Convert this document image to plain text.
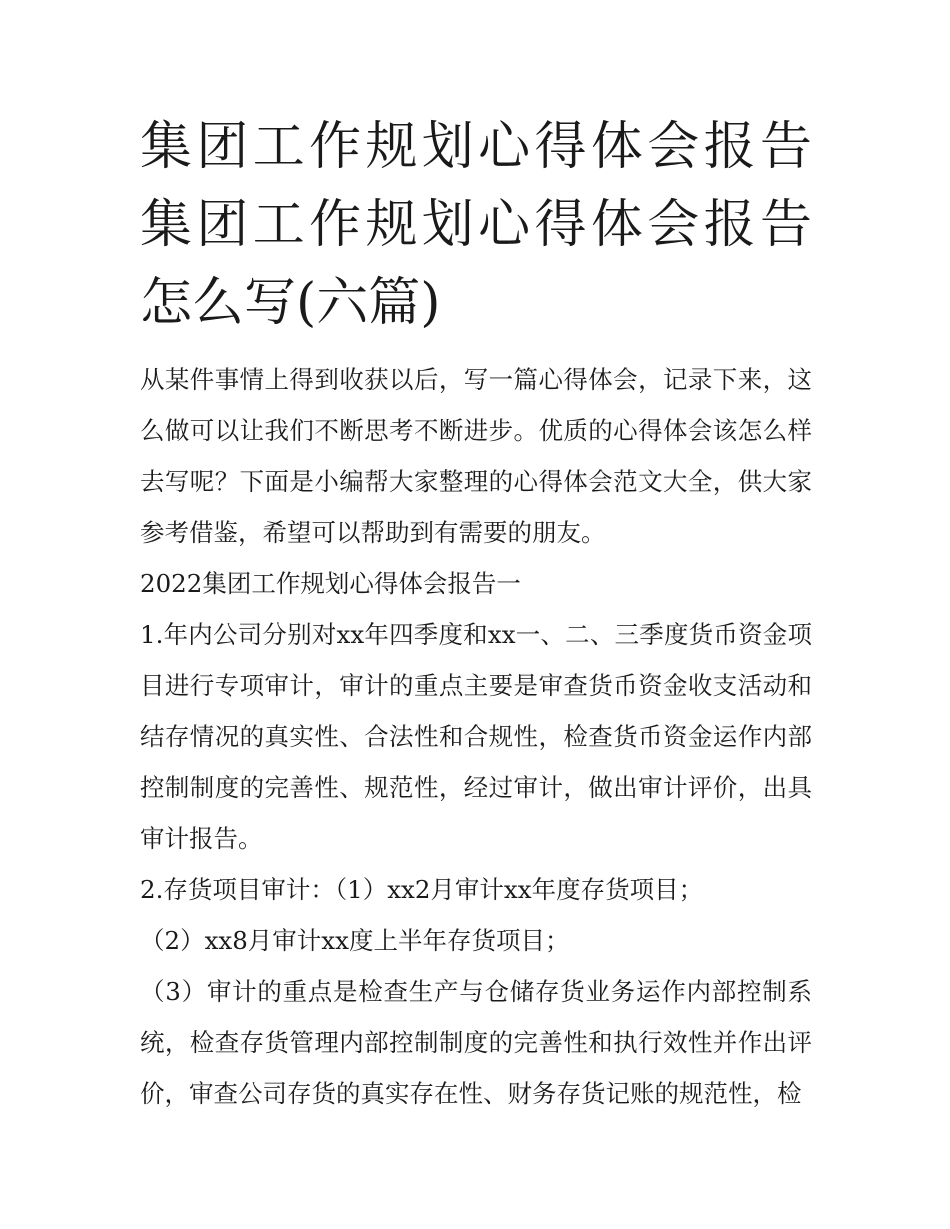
集团工作规划心得体会报告 集团工作规划心得体会报告怎么写(六篇)

从某件事情上得到收获以后，写一篇心得体会，记录下来，这么做可以让我们不断思考不断进步。优质的心得体会该怎么样去写呢？下面是小编帮大家整理的心得体会范文大全，供大家参考借鉴，希望可以帮助到有需要的朋友。

2022集团工作规划心得体会报告一

1.年内公司分别对xx年四季度和xx一、二、三季度货币资金项目进行专项审计，审计的重点主要是审查货币资金收支活动和结存情况的真实性、合法性和合规性，检查货币资金运作内部控制制度的完善性、规范性，经过审计，做出审计评价，出具审计报告。

2.存货项目审计：（1）xx2月审计xx年度存货项目；

（2）xx8月审计xx度上半年存货项目；

（3）审计的重点是检查生产与仓储存货业务运作内部控制系统，检查存货管理内部控制制度的完善性和执行效性并作出评价，审查公司存货的真实存在性、财务存货记账的规范性，检
